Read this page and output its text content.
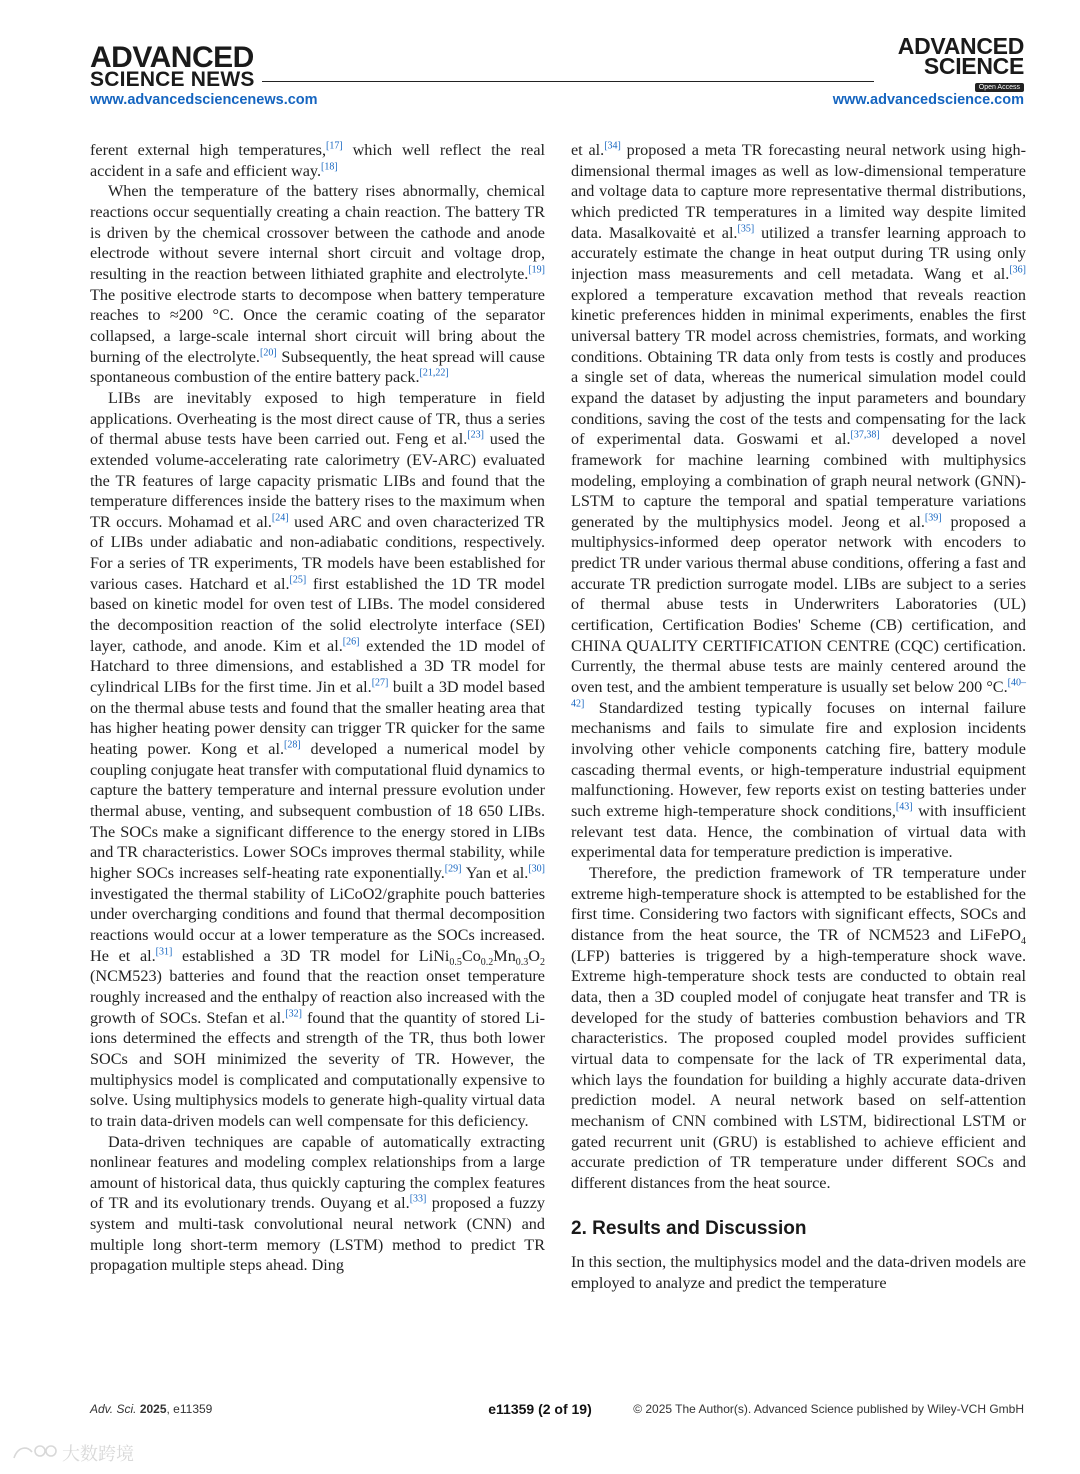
ADVANCED
SCIENCE NEWS
ADVANCED
SCIENCE
Open Access
www.advancedsciencenews.com	www.advancedscience.com

ferent external high temperatures,[17] which well reflect the real accident in a safe and efficient way.[18]

When the temperature of the battery rises abnormally, chemical reactions occur sequentially creating a chain reaction. The battery TR is driven by the chemical crossover between the cathode and anode electrode without severe internal short circuit and voltage drop, resulting in the reaction between lithiated graphite and electrolyte.[19] The positive electrode starts to decompose when battery temperature reaches to ≈200 °C. Once the ceramic coating of the separator collapsed, a large-scale internal short circuit will bring about the burning of the electrolyte.[20] Subsequently, the heat spread will cause spontaneous combustion of the entire battery pack.[21,22]

LIBs are inevitably exposed to high temperature in field applications. Overheating is the most direct cause of TR, thus a series of thermal abuse tests have been carried out. Feng et al.[23] used the extended volume-accelerating rate calorimetry (EV-ARC) evaluated the TR features of large capacity prismatic LIBs and found that the temperature differences inside the battery rises to the maximum when TR occurs. Mohamad et al.[24] used ARC and oven characterized TR of LIBs under adiabatic and non-adiabatic conditions, respectively. For a series of TR experiments, TR models have been established for various cases. Hatchard et al.[25] first established the 1D TR model based on kinetic model for oven test of LIBs. The model considered the decomposition reaction of the solid electrolyte interface (SEI) layer, cathode, and anode. Kim et al.[26] extended the 1D model of Hatchard to three dimensions, and established a 3D TR model for cylindrical LIBs for the first time. Jin et al.[27] built a 3D model based on the thermal abuse tests and found that the smaller heating area that has higher heating power density can trigger TR quicker for the same heating power. Kong et al.[28] developed a numerical model by coupling conjugate heat transfer with computational fluid dynamics to capture the battery temperature and internal pressure evolution under thermal abuse, venting, and subsequent combustion of 18 650 LIBs. The SOCs make a significant difference to the energy stored in LIBs and TR characteristics. Lower SOCs improves thermal stability, while higher SOCs increases self-heating rate exponentially.[29] Yan et al.[30] investigated the thermal stability of LiCoO2/graphite pouch batteries under overcharging conditions and found that thermal decomposition reactions would occur at a lower temperature as the SOCs increased. He et al.[31] established a 3D TR model for $LiNi_{0.5}Co_{0.2}Mn_{0.3}O_2$ (NCM523) batteries and found that the reaction onset temperature roughly increased and the enthalpy of reaction also increased with the growth of SOCs. Stefan et al.[32] found that the quantity of stored Li-ions determined the effects and strength of the TR, thus both lower SOCs and SOH minimized the severity of TR. However, the multiphysics model is complicated and computationally expensive to solve. Using multiphysics models to generate high-quality virtual data to train data-driven models can well compensate for this deficiency.

Data-driven techniques are capable of automatically extracting nonlinear features and modeling complex relationships from a large amount of historical data, thus quickly capturing the complex features of TR and its evolutionary trends. Ouyang et al.[33] proposed a fuzzy system and multi-task convolutional neural network (CNN) and multiple long short-term memory (LSTM) method to predict TR propagation multiple steps ahead. Ding

et al.[34] proposed a meta TR forecasting neural network using high-dimensional thermal images as well as low-dimensional temperature and voltage data to capture more representative thermal distributions, which predicted TR temperatures in a limited way despite limited data. Masalkovaitė et al.[35] utilized a transfer learning approach to accurately estimate the change in heat output during TR using only injection mass measurements and cell metadata. Wang et al.[36] explored a temperature excavation method that reveals reaction kinetic preferences hidden in minimal experiments, enables the first universal battery TR model across chemistries, formats, and working conditions. Obtaining TR data only from tests is costly and produces a single set of data, whereas the numerical simulation model could expand the dataset by adjusting the input parameters and boundary conditions, saving the cost of the tests and compensating for the lack of experimental data. Goswami et al.[37,38] developed a novel framework for machine learning combined with multiphysics modeling, employing a combination of graph neural network (GNN)-LSTM to capture the temporal and spatial temperature variations generated by the multiphysics model. Jeong et al.[39] proposed a multiphysics-informed deep operator network with encoders to predict TR under various thermal abuse conditions, offering a fast and accurate TR prediction surrogate model. LIBs are subject to a series of thermal abuse tests in Underwriters Laboratories (UL) certification, Certification Bodies' Scheme (CB) certification, and CHINA QUALITY CERTIFICATION CENTRE (CQC) certification. Currently, the thermal abuse tests are mainly centered around the oven test, and the ambient temperature is usually set below 200 °C.[40–42] Standardized testing typically focuses on internal failure mechanisms and fails to simulate fire and explosion incidents involving other vehicle components catching fire, battery module cascading thermal events, or high-temperature industrial equipment malfunctioning. However, few reports exist on testing batteries under such extreme high-temperature shock conditions,[43] with insufficient relevant test data. Hence, the combination of virtual data with experimental data for temperature prediction is imperative.

Therefore, the prediction framework of TR temperature under extreme high-temperature shock is attempted to be established for the first time. Considering two factors with significant effects, SOCs and distance from the heat source, the TR of NCM523 and LiFePO$_4$ (LFP) batteries is triggered by a high-temperature shock wave. Extreme high-temperature shock tests are conducted to obtain real data, then a 3D coupled model of conjugate heat transfer and TR is developed for the study of batteries combustion behaviors and TR characteristics. The proposed coupled model provides sufficient virtual data to compensate for the lack of TR experimental data, which lays the foundation for building a highly accurate data-driven prediction model. A neural network based on self-attention mechanism of CNN combined with LSTM, bidirectional LSTM or gated recurrent unit (GRU) is established to achieve efficient and accurate prediction of TR temperature under different SOCs and different distances from the heat source.

2. Results and Discussion

In this section, the multiphysics model and the data-driven models are employed to analyze and predict the temperature

Adv. Sci. 2025, e11359	e11359 (2 of 19)	© 2025 The Author(s). Advanced Science published by Wiley-VCH GmbH
大数跨境
